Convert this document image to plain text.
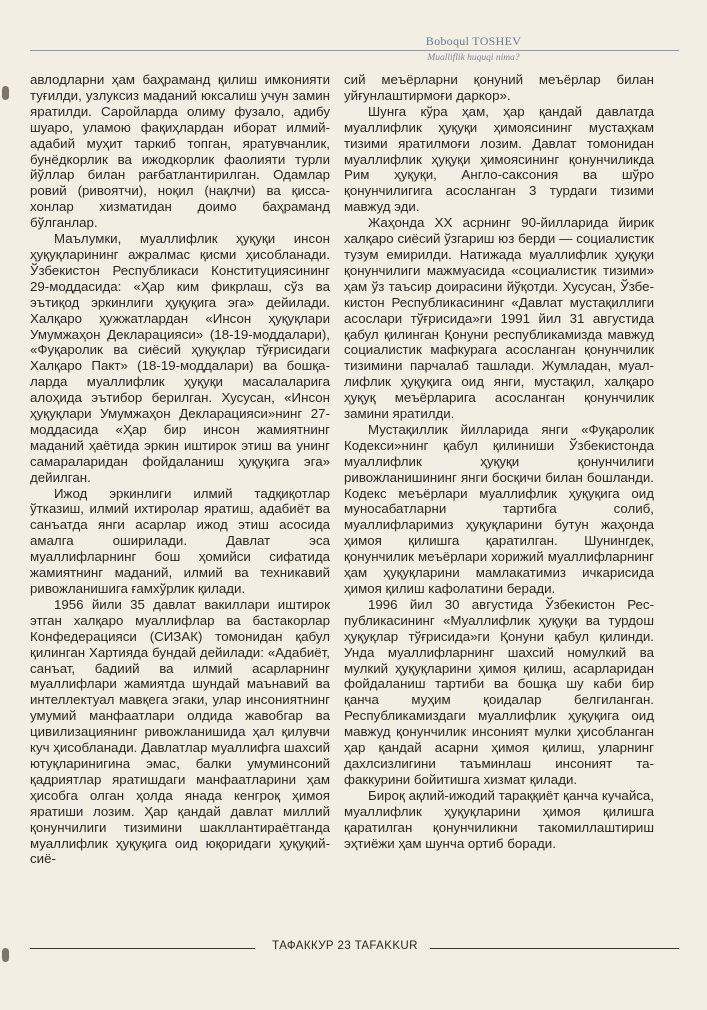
Boboqul TOSHEV
Mualliflik huquqi nima?

авлодларни ҳам баҳраманд қилиш имконияти туғилди, узлуксиз маданий юксалиш учун замин яратилди. Саройларда олиму фузало, адибу шуаро, уламою фақиҳлардан иборат илмий-адабий муҳит таркиб топган, яратувчанлик, бунёдкорлик ва ижодкорлик фаолияти турли йўллар билан рағбатлантирилган. Одамлар ровий (ривоятчи), ноқил (нақлчи) ва қиссахонлар хизматидан доимо баҳраманд бўлганлар.

Маълумки, муаллифлик ҳуқуқи инсон ҳуқуқларининг ажралмас қисми ҳисобланади. Ўзбекистон Республикаси Конституциясининг 29-моддасида: «Ҳар ким фикрлаш, сўз ва эътиқод эркинлиги ҳуқуқига эга» дейилади. Халқаро ҳужжатлардан «Инсон ҳуқуқлари Умумжаҳон Декларацияси» (18-19-моддалари), «Фуқаролик ва сиёсий ҳуқуқлар тўғрисидаги Халқаро Пакт» (18-19-моддалари) ва бошқаларда муаллифлик ҳуқуқи масалаларига алоҳида эътибор берилган. Хусусан, «Инсон ҳуқуқлари Умумжаҳон Декларацияси»нинг 27-моддасида «Ҳар бир инсон жамиятнинг маданий ҳаётида эркин иштирок этиш ва унинг самараларидан фойдаланиш ҳуқуқига эга» дейилган.

Ижод эркинлиги илмий тадқиқотлар ўтказиш, илмий ихтиролар яратиш, адабиёт ва санъатда янги асарлар ижод этиш асосида амалга оширилади. Давлат эса муаллифларнинг бош ҳомийси сифатида жамиятнинг маданий, илмий ва техникавий ривожланишига ғамхўрлик қилади.

1956 йили 35 давлат вакиллари иштирок этган халқаро муаллифлар ва бастакорлар Конфедерацияси (СИЗАК) томонидан қабул қилинган Хартияда бундай дейилади: «Адабиёт, санъат, бадиий ва илмий асарларнинг муаллифлари жамиятда шундай маънавий ва интеллектуал мавқега эгаки, улар инсониятнинг умумий манфаатлари олдида жавобгар ва цивилизациянинг ривожланишида ҳал қилувчи куч ҳисобланади. Давлатлар муаллифга шахсий ютуқларинигина эмас, балки умуминсоний қадриятлар яратишдаги манфаатларини ҳам ҳисобга олган ҳолда янада кенгроқ ҳимоя яратиши лозим. Ҳар қандай давлат миллий қонунчилиги тизимини шакллантираётганда муаллифлик ҳуқуқига оид юқоридаги ҳуқуқий-сиё-

сий меъёрларни қонуний меъёрлар билан уйғунлаштирмоғи даркор».

Шунга кўра ҳам, ҳар қандай давлатда муаллифлик ҳуқуқи ҳимоясининг мустаҳкам тизими яратилмоғи лозим. Давлат томонидан муаллифлик ҳуқуқи ҳимоясининг қонунчиликда Рим ҳуқуқи, Англо-саксония ва шўро қонунчилигига асосланган 3 турдаги тизими мавжуд эди.

Жаҳонда XX асрнинг 90-йилларида йирик халқаро сиёсий ўзгариш юз берди — социалистик тузум емирилди. Натижада муаллифлик ҳуқуқи қонунчилиги мажмуасида «социалистик тизими» ҳам ўз таъсир доирасини йўқотди. Хусусан, Ўзбекистон Республикасининг «Давлат мустақиллиги асослари тўғрисида»ги 1991 йил 31 августида қабул қилинган Қонуни республикамизда мавжуд социалистик мафкурага асосланган қонунчилик тизимини парчалаб ташлади. Жумладан, муаллифлик ҳуқуқига оид янги, мустақил, халқаро ҳуқуқ меъёрларига асосланган қонунчилик замини яратилди.

Мустақиллик йилларида янги «Фуқаролик Кодекси»нинг қабул қилиниши Ўзбекистонда муаллифлик ҳуқуқи қонунчилиги ривожланишининг янги босқичи билан бошланди. Кодекс меъёрлари муаллифлик ҳуқуқига оид муносабатларни тартибга солиб, муаллифларимиз ҳуқуқларини бутун жаҳонда ҳимоя қилишга қаратилган. Шунингдек, қонунчилик меъёрлари хорижий муаллифларнинг ҳам ҳуқуқларини мамлакатимиз ичкарисида ҳимоя қилиш кафолатини беради.

1996 йил 30 августида Ўзбекистон Республикасининг «Муаллифлик ҳуқуқи ва турдош ҳуқуқлар тўғрисида»ги Қонуни қабул қилинди. Унда муаллифларнинг шахсий номулкий ва мулкий ҳуқуқларини ҳимоя қилиш, асарларидан фойдаланиш тартиби ва бошқа шу каби бир қанча муҳим қоидалар белгиланган. Республикамиздаги муаллифлик ҳуқуқига оид мавжуд қонунчилик инсоният мулки ҳисобланган ҳар қандай асарни ҳимоя қилиш, уларнинг дахлсизлигини таъминлаш инсоният тафаккурини бойитишга хизмат қилади.

Бироқ ақлий-ижодий тараққиёт қанча кучайса, муаллифлик ҳуқуқларини ҳимоя қилишга қаратилган қонунчиликни такомиллаштириш эҳтиёжи ҳам шунча ортиб боради.

ТАФАККУР 23 TAFAKKUR
